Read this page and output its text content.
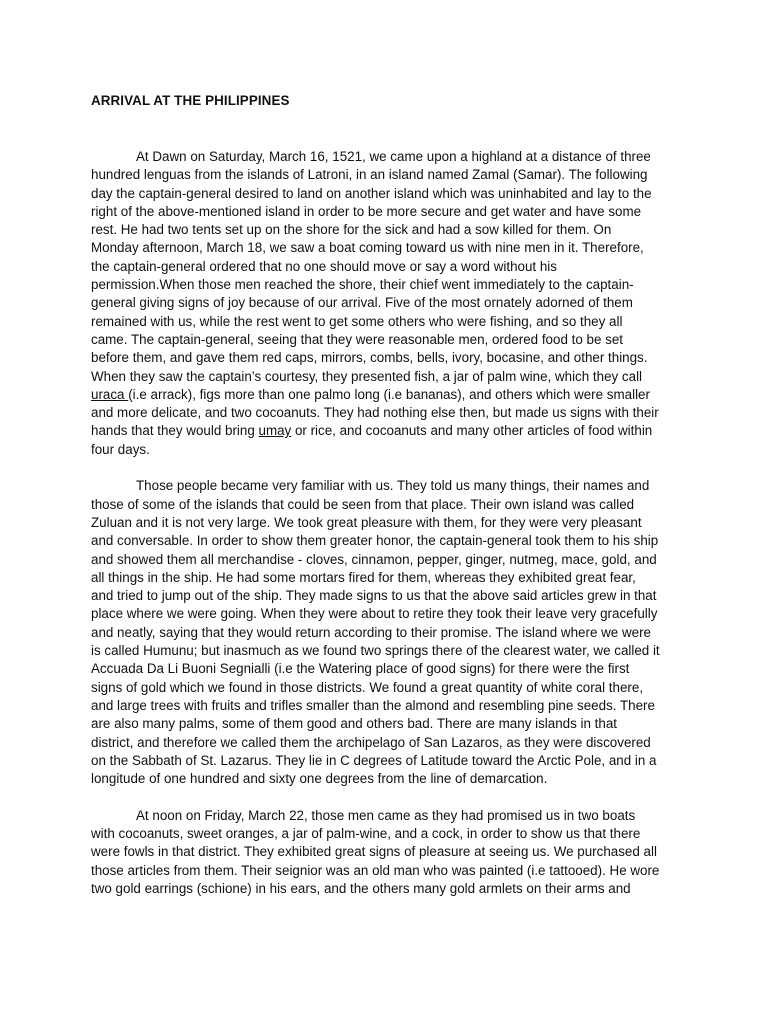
ARRIVAL AT THE PHILIPPINES
At Dawn on Saturday, March 16, 1521, we came upon a highland at a distance of three
hundred lenguas from the islands of Latroni, in an island named Zamal (Samar). The following
day the captain-general desired to land on another island which was uninhabited and lay to the
right of the above-mentioned island in order to be more secure and get water and have some
rest. He had two tents set up on the shore for the sick and had a sow killed for them. On
Monday afternoon, March 18, we saw a boat coming toward us with nine men in it. Therefore,
the captain-general ordered that no one should move or say a word without his
permission.When those men reached the shore, their chief went immediately to the captain-
general giving signs of joy because of our arrival. Five of the most ornately adorned of them
remained with us, while the rest went to get some others who were fishing, and so they all
came. The captain-general, seeing that they were reasonable men, ordered food to be set
before them, and gave them red caps, mirrors, combs, bells, ivory, bocasine, and other things.
When they saw the captain’s courtesy, they presented fish, a jar of palm wine, which they call
uraca (i.e arrack), figs more than one palmo long (i.e bananas), and others which were smaller
and more delicate, and two cocoanuts. They had nothing else then, but made us signs with their
hands that they would bring umay or rice, and cocoanuts and many other articles of food within
four days.
Those people became very familiar with us. They told us many things, their names and
those of some of the islands that could be seen from that place. Their own island was called
Zuluan and it is not very large. We took great pleasure with them, for they were very pleasant
and conversable. In order to show them greater honor, the captain-general took them to his ship
and showed them all merchandise - cloves, cinnamon, pepper, ginger, nutmeg, mace, gold, and
all things in the ship. He had some mortars fired for them, whereas they exhibited great fear,
and tried to jump out of the ship. They made signs to us that the above said articles grew in that
place where we were going. When they were about to retire they took their leave very gracefully
and neatly, saying that they would return according to their promise. The island where we were
is called Humunu; but inasmuch as we found two springs there of the clearest water, we called it
Accuada Da Li Buoni Segnialli (i.e the Watering place of good signs) for there were the first
signs of gold which we found in those districts. We found a great quantity of white coral there,
and large trees with fruits and trifles smaller than the almond and resembling pine seeds. There
are also many palms, some of them good and others bad. There are many islands in that
district, and therefore we called them the archipelago of San Lazaros, as they were discovered
on the Sabbath of St. Lazarus. They lie in C degrees of Latitude toward the Arctic Pole, and in a
longitude of one hundred and sixty one degrees from the line of demarcation.
At noon on Friday, March 22, those men came as they had promised us in two boats
with cocoanuts, sweet oranges, a jar of palm-wine, and a cock, in order to show us that there
were fowls in that district. They exhibited great signs of pleasure at seeing us. We purchased all
those articles from them. Their seignior was an old man who was painted (i.e tattooed). He wore
two gold earrings (schione) in his ears, and the others many gold armlets on their arms and
